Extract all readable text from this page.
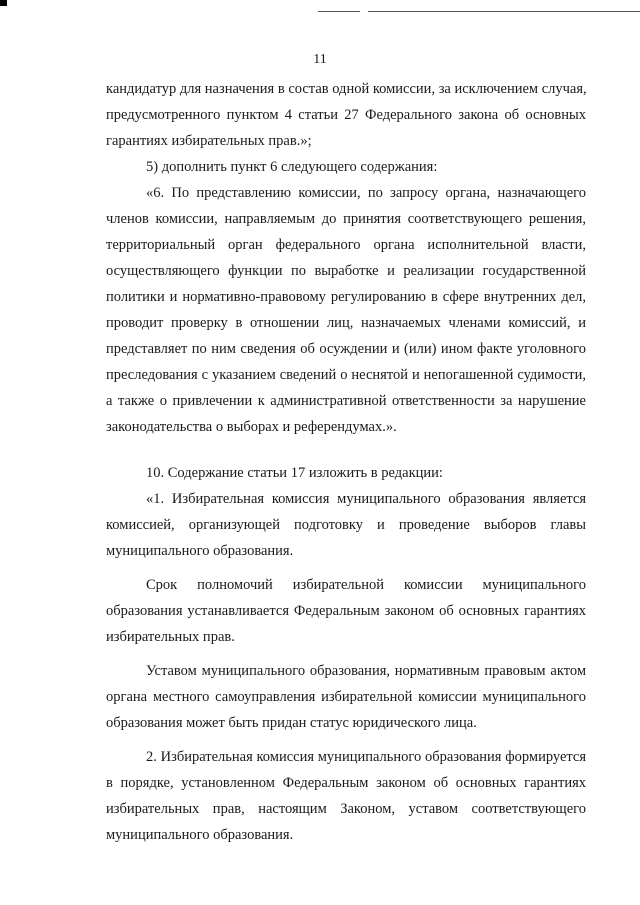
11
кандидатур для назначения в состав одной комиссии, за исключением случая,
предусмотренного пунктом 4 статьи 27 Федерального закона об основных
гарантиях избирательных прав.»;
5) дополнить пункт 6 следующего содержания:
«6. По представлению комиссии, по запросу органа, назначающего
членов комиссии, направляемым до принятия соответствующего решения,
территориальный орган федерального органа исполнительной власти,
осуществляющего функции по выработке и реализации государственной
политики и нормативно-правовому регулированию в сфере внутренних дел,
проводит проверку в отношении лиц, назначаемых членами комиссий, и
представляет по ним сведения об осуждении и (или) ином факте уголовного
преследования с указанием сведений о неснятой и непогашенной судимости,
а также о привлечении к административной ответственности за нарушение
законодательства о выборах и референдумах.».
10. Содержание статьи 17 изложить в редакции:
«1. Избирательная комиссия муниципального образования является
комиссией, организующей подготовку и проведение выборов главы
муниципального образования.
Срок полномочий избирательной комиссии муниципального
образования устанавливается Федеральным законом об основных гарантиях
избирательных прав.
Уставом муниципального образования, нормативным правовым актом
органа местного самоуправления избирательной комиссии муниципального
образования может быть придан статус юридического лица.
2. Избирательная комиссия муниципального образования формируется
в порядке, установленном Федеральным законом об основных гарантиях
избирательных прав, настоящим Законом, уставом соответствующего
муниципального образования.
